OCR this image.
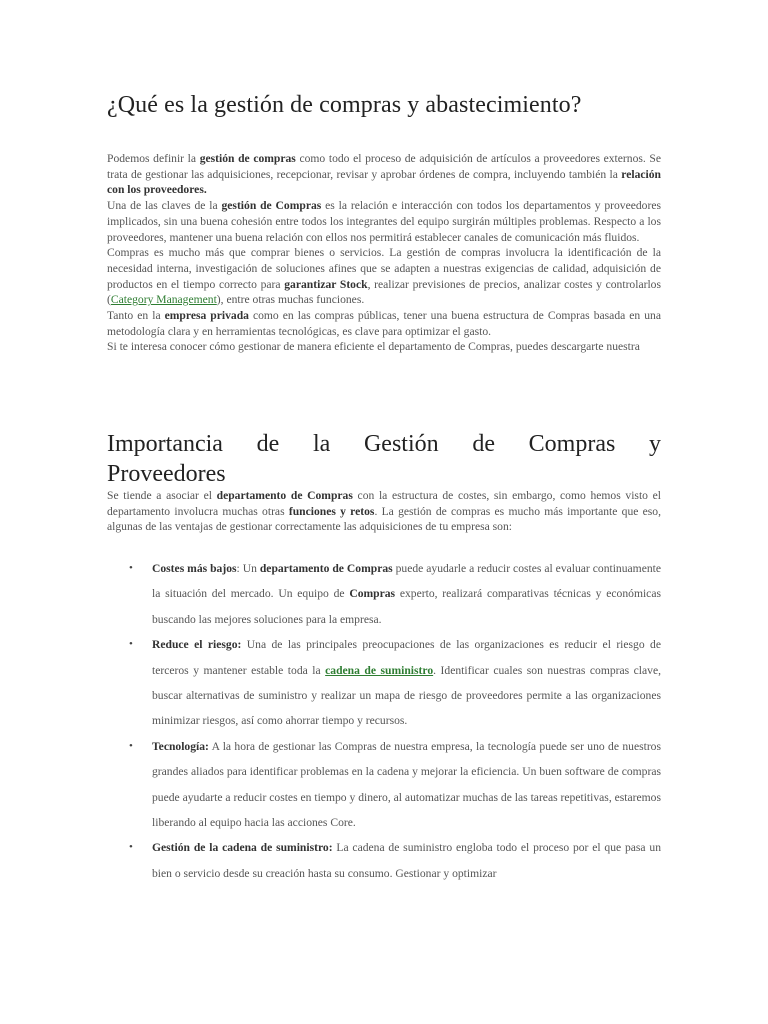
¿Qué es la gestión de compras y abastecimiento?

Podemos definir la gestión de compras como todo el proceso de adquisición de artículos a proveedores externos. Se trata de gestionar las adquisiciones, recepcionar, revisar y aprobar órdenes de compra, incluyendo también la relación con los proveedores.

Una de las claves de la gestión de Compras es la relación e interacción con todos los departamentos y proveedores implicados, sin una buena cohesión entre todos los integrantes del equipo surgirán múltiples problemas. Respecto a los proveedores, mantener una buena relación con ellos nos permitirá establecer canales de comunicación más fluidos.

Compras es mucho más que comprar bienes o servicios. La gestión de compras involucra la identificación de la necesidad interna, investigación de soluciones afines que se adapten a nuestras exigencias de calidad, adquisición de productos en el tiempo correcto para garantizar Stock, realizar previsiones de precios, analizar costes y controlarlos (Category Management), entre otras muchas funciones.

Tanto en la empresa privada como en las compras públicas, tener una buena estructura de Compras basada en una metodología clara y en herramientas tecnológicas, es clave para optimizar el gasto.

Si te interesa conocer cómo gestionar de manera eficiente el departamento de Compras, puedes descargarte nuestra

Importancia de la Gestión de Compras y
Proveedores

Se tiende a asociar el departamento de Compras con la estructura de costes, sin embargo, como hemos visto el departamento involucra muchas otras funciones y retos. La gestión de compras es mucho más importante que eso, algunas de las ventajas de gestionar correctamente las adquisiciones de tu empresa son:

• Costes más bajos: Un departamento de Compras puede ayudarle a reducir costes al evaluar continuamente la situación del mercado. Un equipo de Compras experto, realizará comparativas técnicas y económicas buscando las mejores soluciones para la empresa.
• Reduce el riesgo: Una de las principales preocupaciones de las organizaciones es reducir el riesgo de terceros y mantener estable toda la cadena de suministro. Identificar cuales son nuestras compras clave, buscar alternativas de suministro y realizar un mapa de riesgo de proveedores permite a las organizaciones minimizar riesgos, así como ahorrar tiempo y recursos.
• Tecnología: A la hora de gestionar las Compras de nuestra empresa, la tecnología puede ser uno de nuestros grandes aliados para identificar problemas en la cadena y mejorar la eficiencia. Un buen software de compras puede ayudarte a reducir costes en tiempo y dinero, al automatizar muchas de las tareas repetitivas, estaremos liberando al equipo hacia las acciones Core.
• Gestión de la cadena de suministro: La cadena de suministro engloba todo el proceso por el que pasa un bien o servicio desde su creación hasta su consumo. Gestionar y optimizar
